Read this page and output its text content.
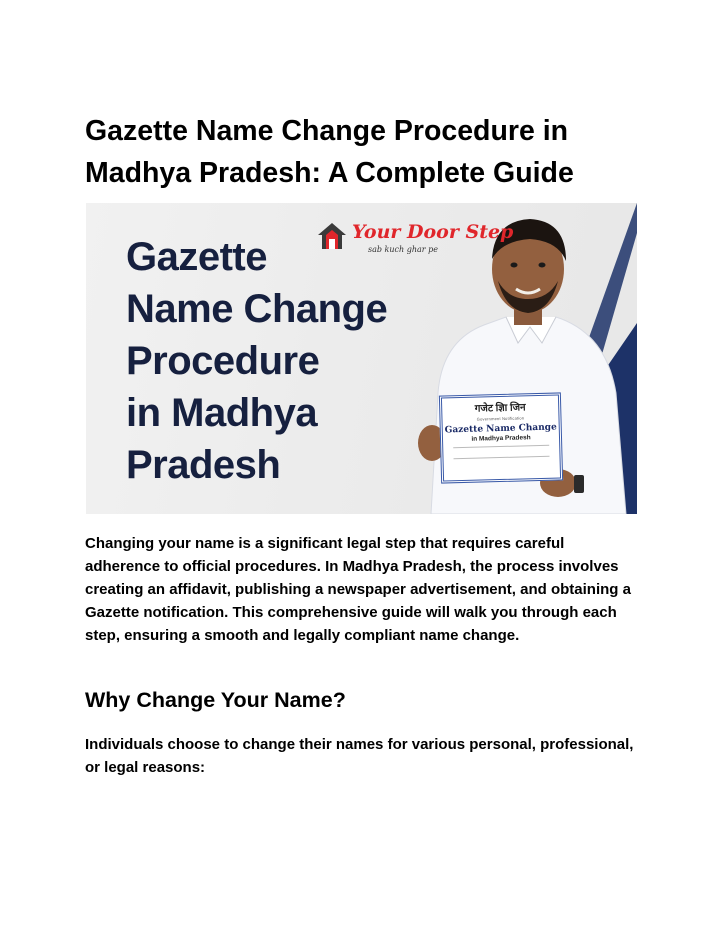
Gazette Name Change Procedure in Madhya Pradesh: A Complete Guide
Gazette
Name Change
Procedure
in Madhya
Pradesh
Your Door Step
sab kuch ghar pe
गजेट ज्ञिा जिन
Government Notification
Gazette Name Change
in Madhya Pradesh

Changing your name is a significant legal step that requires careful adherence to official procedures. In Madhya Pradesh, the process involves creating an affidavit, publishing a newspaper advertisement, and obtaining a Gazette notification. This comprehensive guide will walk you through each step, ensuring a smooth and legally compliant name change.

Why Change Your Name?

Individuals choose to change their names for various personal, professional, or legal reasons:
